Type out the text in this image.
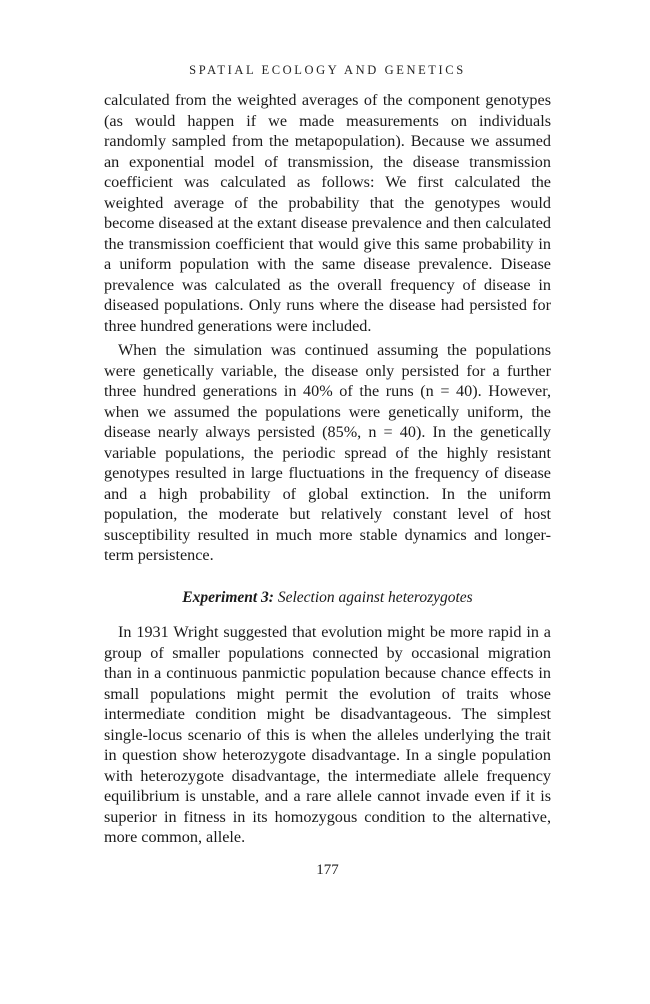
SPATIAL ECOLOGY AND GENETICS

calculated from the weighted averages of the component genotypes (as would happen if we made measurements on individuals randomly sampled from the metapopulation). Because we assumed an exponential model of transmission, the disease transmission coefficient was calculated as follows: We first calculated the weighted average of the probability that the genotypes would become diseased at the extant disease prevalence and then calculated the transmission coefficient that would give this same probability in a uniform population with the same disease prevalence. Disease prevalence was calculated as the overall frequency of disease in diseased populations. Only runs where the disease had persisted for three hundred generations were included.

When the simulation was continued assuming the populations were genetically variable, the disease only persisted for a further three hundred generations in 40% of the runs (n = 40). However, when we assumed the populations were genetically uniform, the disease nearly always persisted (85%, n = 40). In the genetically variable populations, the periodic spread of the highly resistant genotypes resulted in large fluctuations in the frequency of disease and a high probability of global extinction. In the uniform population, the moderate but relatively constant level of host susceptibility resulted in much more stable dynamics and longer-term persistence.

Experiment 3: Selection against heterozygotes

In 1931 Wright suggested that evolution might be more rapid in a group of smaller populations connected by occasional migration than in a continuous panmictic population because chance effects in small populations might permit the evolution of traits whose intermediate condition might be disadvantageous. The simplest single-locus scenario of this is when the alleles underlying the trait in question show heterozygote disadvantage. In a single population with heterozygote disadvantage, the intermediate allele frequency equilibrium is unstable, and a rare allele cannot invade even if it is superior in fitness in its homozygous condition to the alternative, more common, allele.

177
